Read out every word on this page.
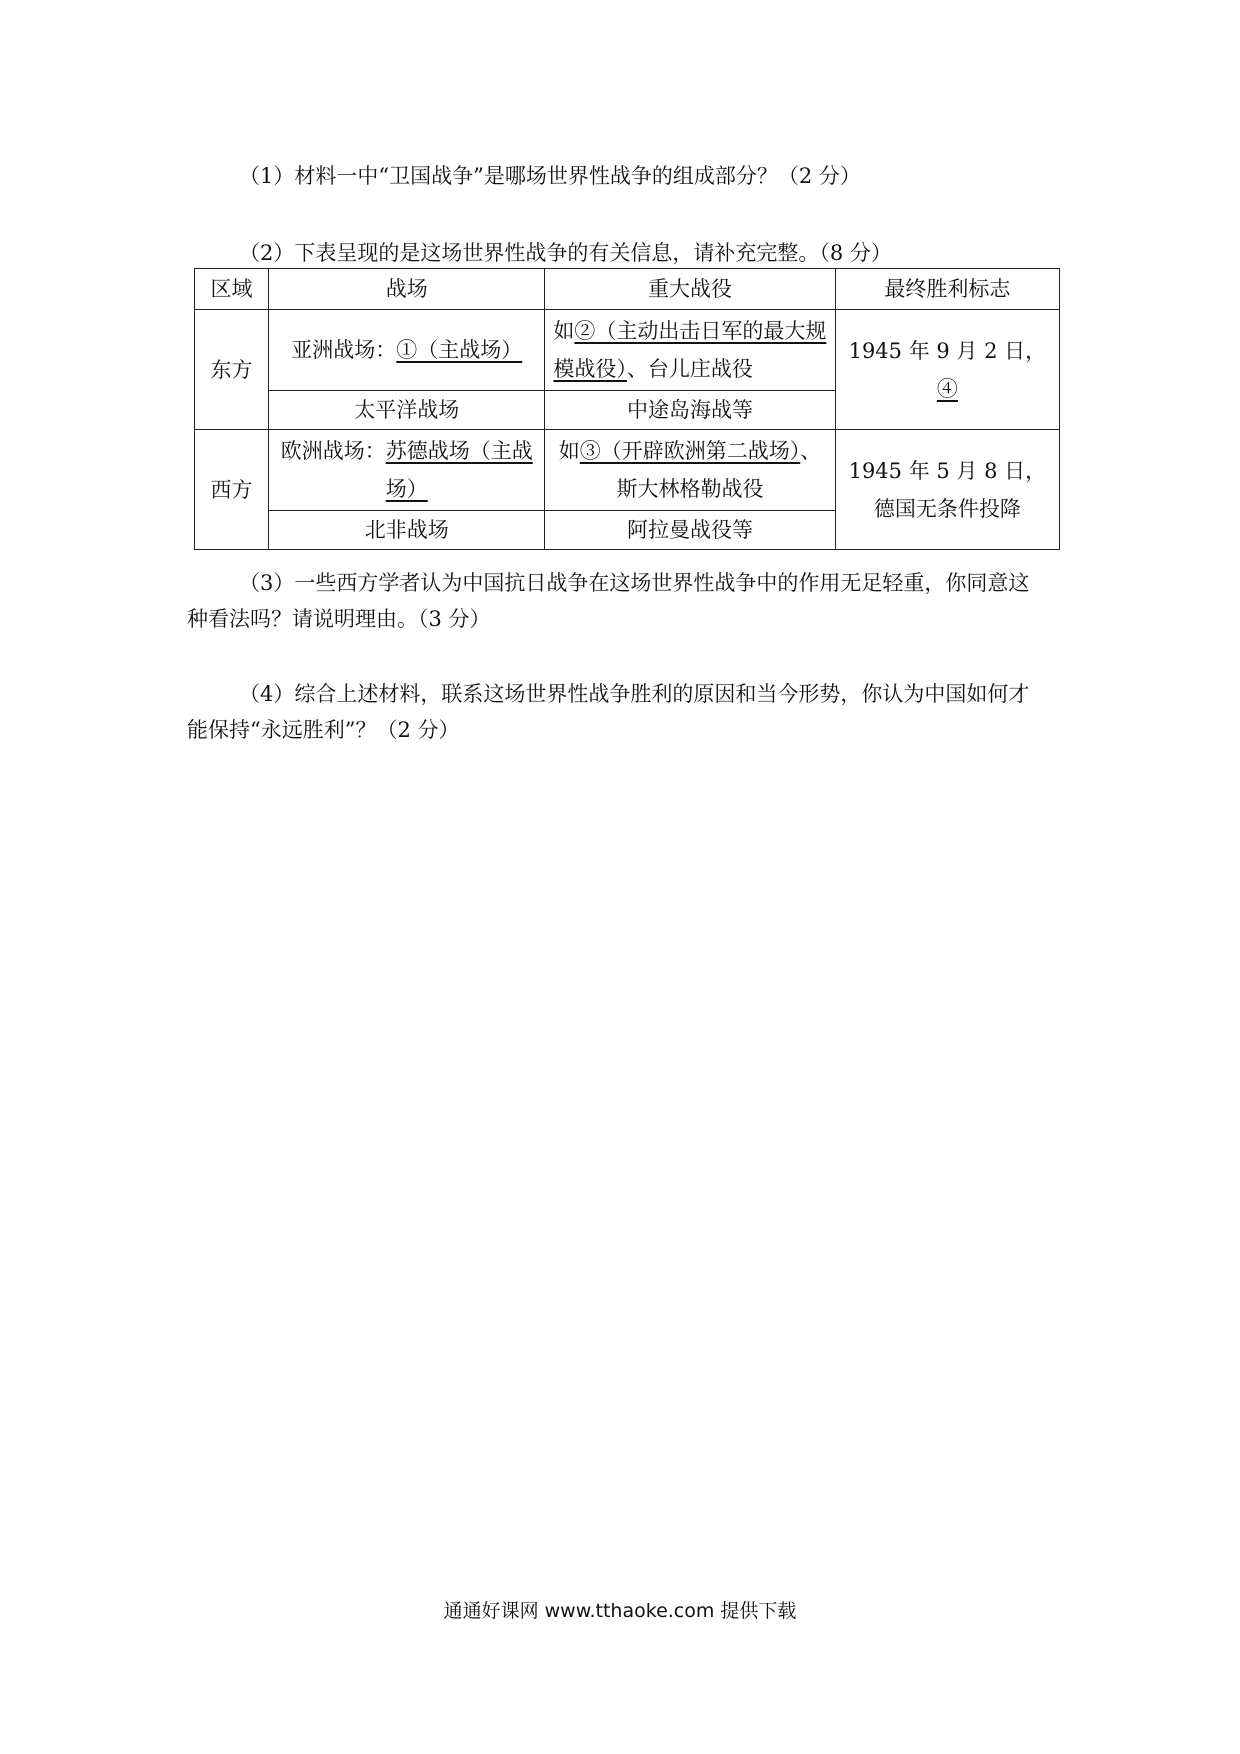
（1）材料一中“卫国战争”是哪场世界性战争的组成部分？（2 分）
（2）下表呈现的是这场世界性战争的有关信息，请补充完整。（8 分）
区域	战场	重大战役	最终胜利标志
东方	亚洲战场：①（主战场）	如②（主动出击日军的最大规模战役）、台儿庄战役	1945 年 9 月 2 日，④
	太平洋战场	中途岛海战等	
西方	欧洲战场：苏德战场（主战场）	如③（开辟欧洲第二战场）、斯大林格勒战役	1945 年 5 月 8 日，德国无条件投降
	北非战场	阿拉曼战役等	
（3）一些西方学者认为中国抗日战争在这场世界性战争中的作用无足轻重，你同意这
种看法吗？请说明理由。（3 分）
（4）综合上述材料，联系这场世界性战争胜利的原因和当今形势，你认为中国如何才
能保持“永远胜利”？（2 分）
通通好课网 www.tthaoke.com 提供下载
